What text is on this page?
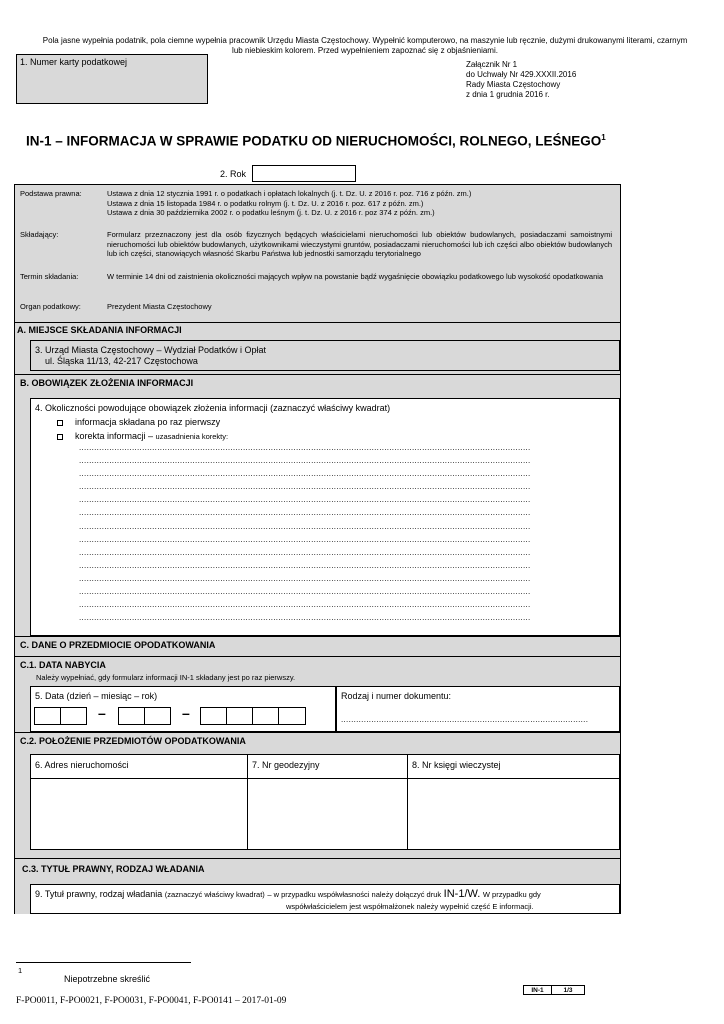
Pola jasne wypełnia podatnik, pola ciemne wypełnia pracownik Urzędu Miasta Częstochowy. Wypełnić komputerowo, na maszynie lub ręcznie, dużymi drukowanymi literami, czarnym
lub niebieskim kolorem. Przed wypełnieniem zapoznać się z objaśnieniami.
1. Numer karty podatkowej	Załącznik Nr 1
do Uchwały Nr 429.XXXII.2016
Rady Miasta Częstochowy
z dnia 1 grudnia 2016 r.
IN-1 – INFORMACJA W SPRAWIE PODATKU OD NIERUCHOMOŚCI, ROLNEGO, LEŚNEGO$^1$
2. Rok
Podstawa prawna:	Ustawa z dnia 12 stycznia 1991 r. o podatkach i opłatach lokalnych (j. t. Dz. U. z 2016 r. poz. 716 z późn. zm.)
Ustawa z dnia 15 listopada 1984 r. o podatku rolnym (j. t. Dz. U. z 2016 r. poz. 617 z późn. zm.)
Ustawa z dnia 30 października 2002 r. o podatku leśnym (j. t. Dz. U. z 2016 r. poz 374 z późn. zm.)
Składający:	Formularz przeznaczony jest dla osób fizycznych będących właścicielami nieruchomości lub obiektów budowlanych, posiadaczami samoistnymi nieruchomości lub obiektów budowlanych, użytkownikami wieczystymi gruntów, posiadaczami nieruchomości lub ich części albo obiektów budowlanych lub ich części, stanowiących własność Skarbu Państwa lub jednostki samorządu terytorialnego
Termin składania:	W terminie 14 dni od zaistnienia okoliczności mających wpływ na powstanie bądź wygaśnięcie obowiązku podatkowego lub wysokość opodatkowania
Organ podatkowy:	Prezydent Miasta Częstochowy
A. MIEJSCE SKŁADANIA INFORMACJI
3. Urząd Miasta Częstochowy – Wydział Podatków i Opłat
ul. Śląska 11/13, 42-217 Częstochowa
B. OBOWIĄZEK ZŁOŻENIA INFORMACJI
4. Okoliczności powodujące obowiązek złożenia informacji (zaznaczyć właściwy kwadrat)
informacja składana po raz pierwszy
korekta informacji – uzasadnienia korekty:
...................................................................................................................................................................................
...................................................................................................................................................................................
...................................................................................................................................................................................
...................................................................................................................................................................................
...................................................................................................................................................................................
...................................................................................................................................................................................
...................................................................................................................................................................................
...................................................................................................................................................................................
...................................................................................................................................................................................
...................................................................................................................................................................................
...................................................................................................................................................................................
...................................................................................................................................................................................
...................................................................................................................................................................................
...................................................................................................................................................................................
C. DANE O PRZEDMIOCIE OPODATKOWANIA
C.1. DATA NABYCIA
Należy wypełniać, gdy formularz informacji IN-1 składany jest po raz pierwszy.
5. Data (dzień – miesiąc – rok)
–	–
Rodzaj i numer dokumentu:
..................................................................................................
C.2. POŁOŻENIE PRZEDMIOTÓW OPODATKOWANIA
6. Adres nieruchomości	7. Nr geodezyjny	8. Nr księgi wieczystej
C.3. TYTUŁ PRAWNY, RODZAJ WŁADANIA
9. Tytuł prawny, rodzaj władania (zaznaczyć właściwy kwadrat) – w przypadku współwłasności należy dołączyć druk IN-1/W. W przypadku gdy
współwłaścicielem jest współmałżonek należy wypełnić część E informacji.
1
Niepotrzebne skreślić
F-PO0011, F-PO0021, F-PO0031, F-PO0041, F-PO0141 – 2017-01-09
IN-1	1/3
